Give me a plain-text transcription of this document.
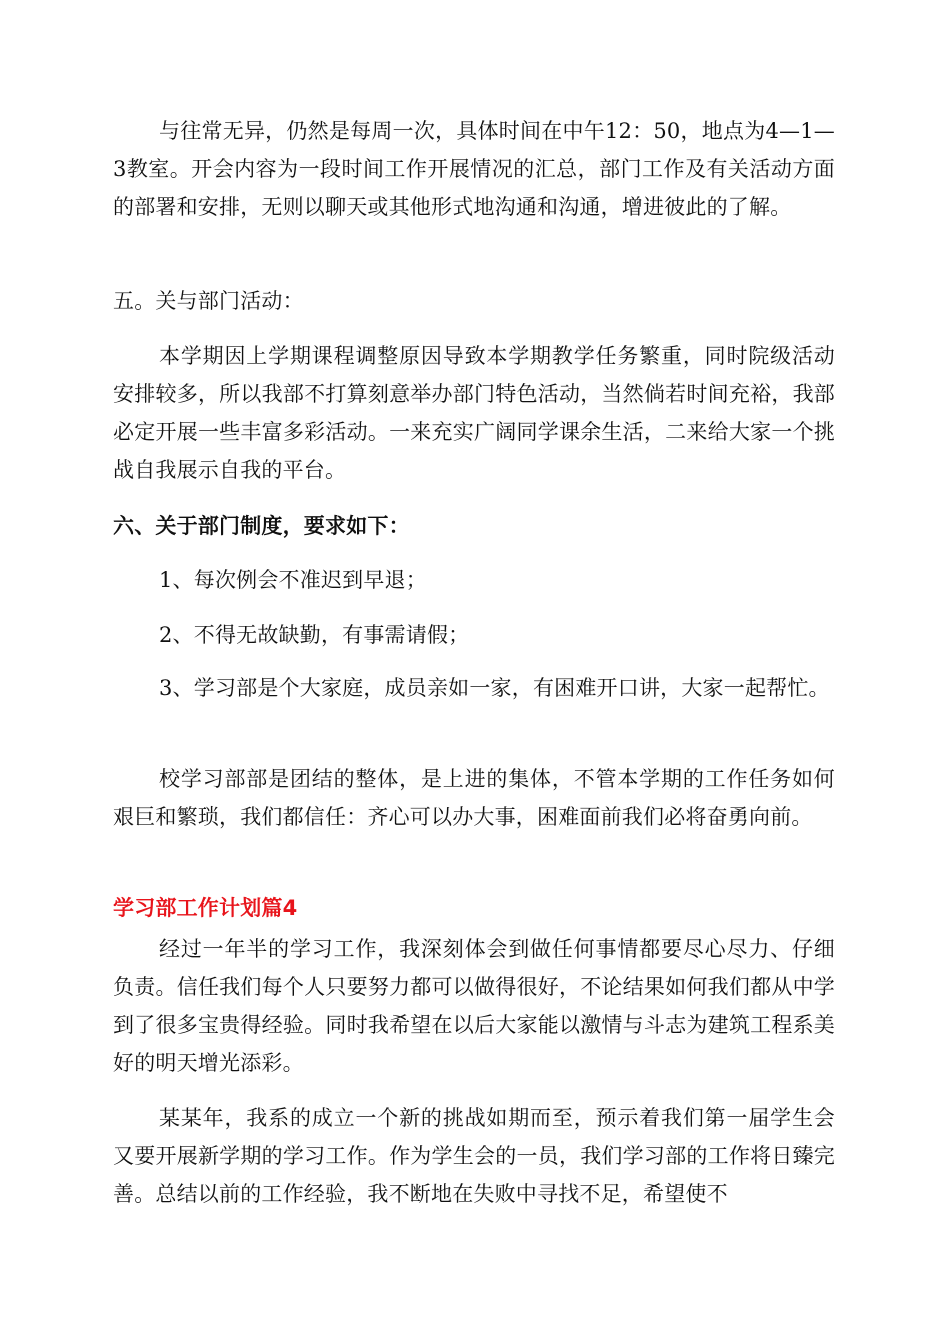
与往常无异，仍然是每周一次，具体时间在中午12：50，地点为4—1—3教室。开会内容为一段时间工作开展情况的汇总，部门工作及有关活动方面的部署和安排，无则以聊天或其他形式地沟通和沟通，增进彼此的了解。

五。关与部门活动：

本学期因上学期课程调整原因导致本学期教学任务繁重，同时院级活动安排较多，所以我部不打算刻意举办部门特色活动，当然倘若时间充裕，我部必定开展一些丰富多彩活动。一来充实广阔同学课余生活，二来给大家一个挑战自我展示自我的平台。

六、关于部门制度，要求如下：

1、每次例会不准迟到早退；

2、不得无故缺勤，有事需请假；

3、学习部是个大家庭，成员亲如一家，有困难开口讲，大家一起帮忙。

校学习部部是团结的整体，是上进的集体，不管本学期的工作任务如何艰巨和繁琐，我们都信任：齐心可以办大事，困难面前我们必将奋勇向前。

学习部工作计划篇4

经过一年半的学习工作，我深刻体会到做任何事情都要尽心尽力、仔细负责。信任我们每个人只要努力都可以做得很好，不论结果如何我们都从中学到了很多宝贵得经验。同时我希望在以后大家能以激情与斗志为建筑工程系美好的明天增光添彩。

某某年，我系的成立一个新的挑战如期而至，预示着我们第一届学生会又要开展新学期的学习工作。作为学生会的一员，我们学习部的工作将日臻完善。总结以前的工作经验，我不断地在失败中寻找不足，希望使不
